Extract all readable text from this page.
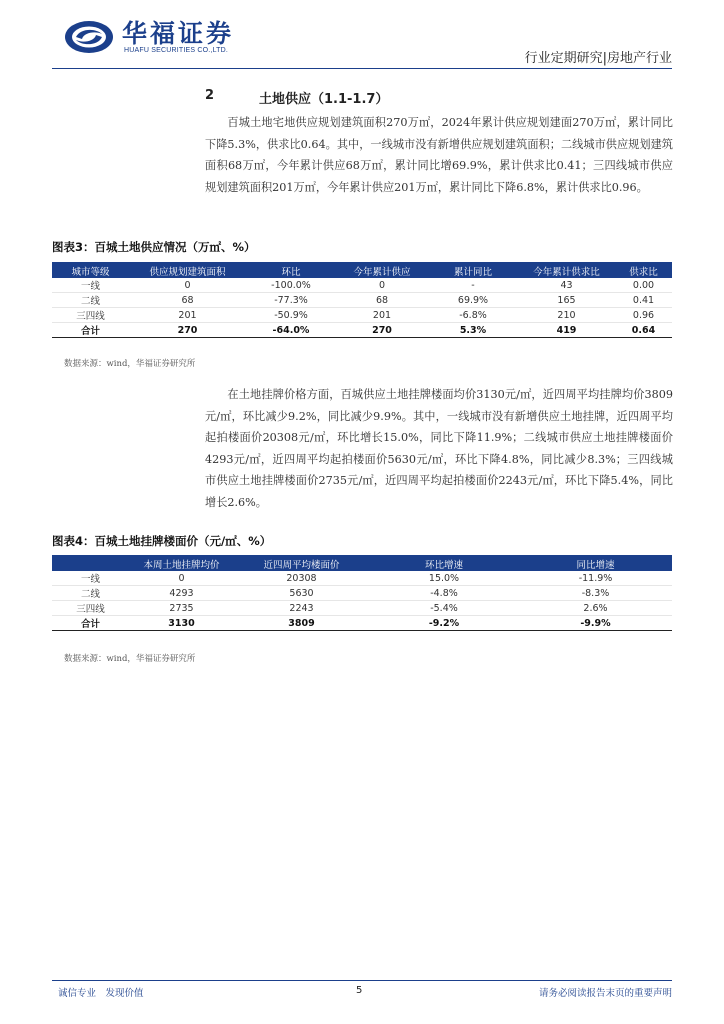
华福证券
HUAFU SECURITIES CO.,LTD.
行业定期研究|房地产行业
2	土地供应（1.1-1.7）

百城土地宅地供应规划建筑面积270万㎡，2024年累计供应规划建面270万㎡，累计同比下降5.3%，供求比0.64。其中，一线城市没有新增供应规划建筑面积；二线城市供应规划建筑面积68万㎡，今年累计供应68万㎡，累计同比增69.9%，累计供求比0.41；三四线城市供应规划建筑面积201万㎡，今年累计供应201万㎡，累计同比下降6.8%，累计供求比0.96。

图表3：百城土地供应情况（万㎡、%）
城市等级	供应规划建筑面积	环比	今年累计供应	累计同比	今年累计供求比	供求比
一线	0	-100.0%	0	-	43	0.00
二线	68	-77.3%	68	69.9%	165	0.41
三四线	201	-50.9%	201	-6.8%	210	0.96
合计	270	-64.0%	270	5.3%	419	0.64
数据来源：wind，华福证券研究所

在土地挂牌价格方面，百城供应土地挂牌楼面均价3130元/㎡，近四周平均挂牌均价3809元/㎡，环比减少9.2%，同比减少9.9%。其中，一线城市没有新增供应土地挂牌，近四周平均起拍楼面价20308元/㎡，环比增长15.0%，同比下降11.9%；二线城市供应土地挂牌楼面价4293元/㎡，近四周平均起拍楼面价5630元/㎡，环比下降4.8%，同比减少8.3%；三四线城市供应土地挂牌楼面价2735元/㎡，近四周平均起拍楼面价2243元/㎡，环比下降5.4%，同比增长2.6%。

图表4：百城土地挂牌楼面价（元/㎡、%）
	本周土地挂牌均价	近四周平均楼面价	环比增速	同比增速
一线	0	20308	15.0%	-11.9%
二线	4293	5630	-4.8%	-8.3%
三四线	2735	2243	-5.4%	2.6%
合计	3130	3809	-9.2%	-9.9%
数据来源：wind，华福证券研究所
诚信专业　发现价值	5	请务必阅读报告末页的重要声明
